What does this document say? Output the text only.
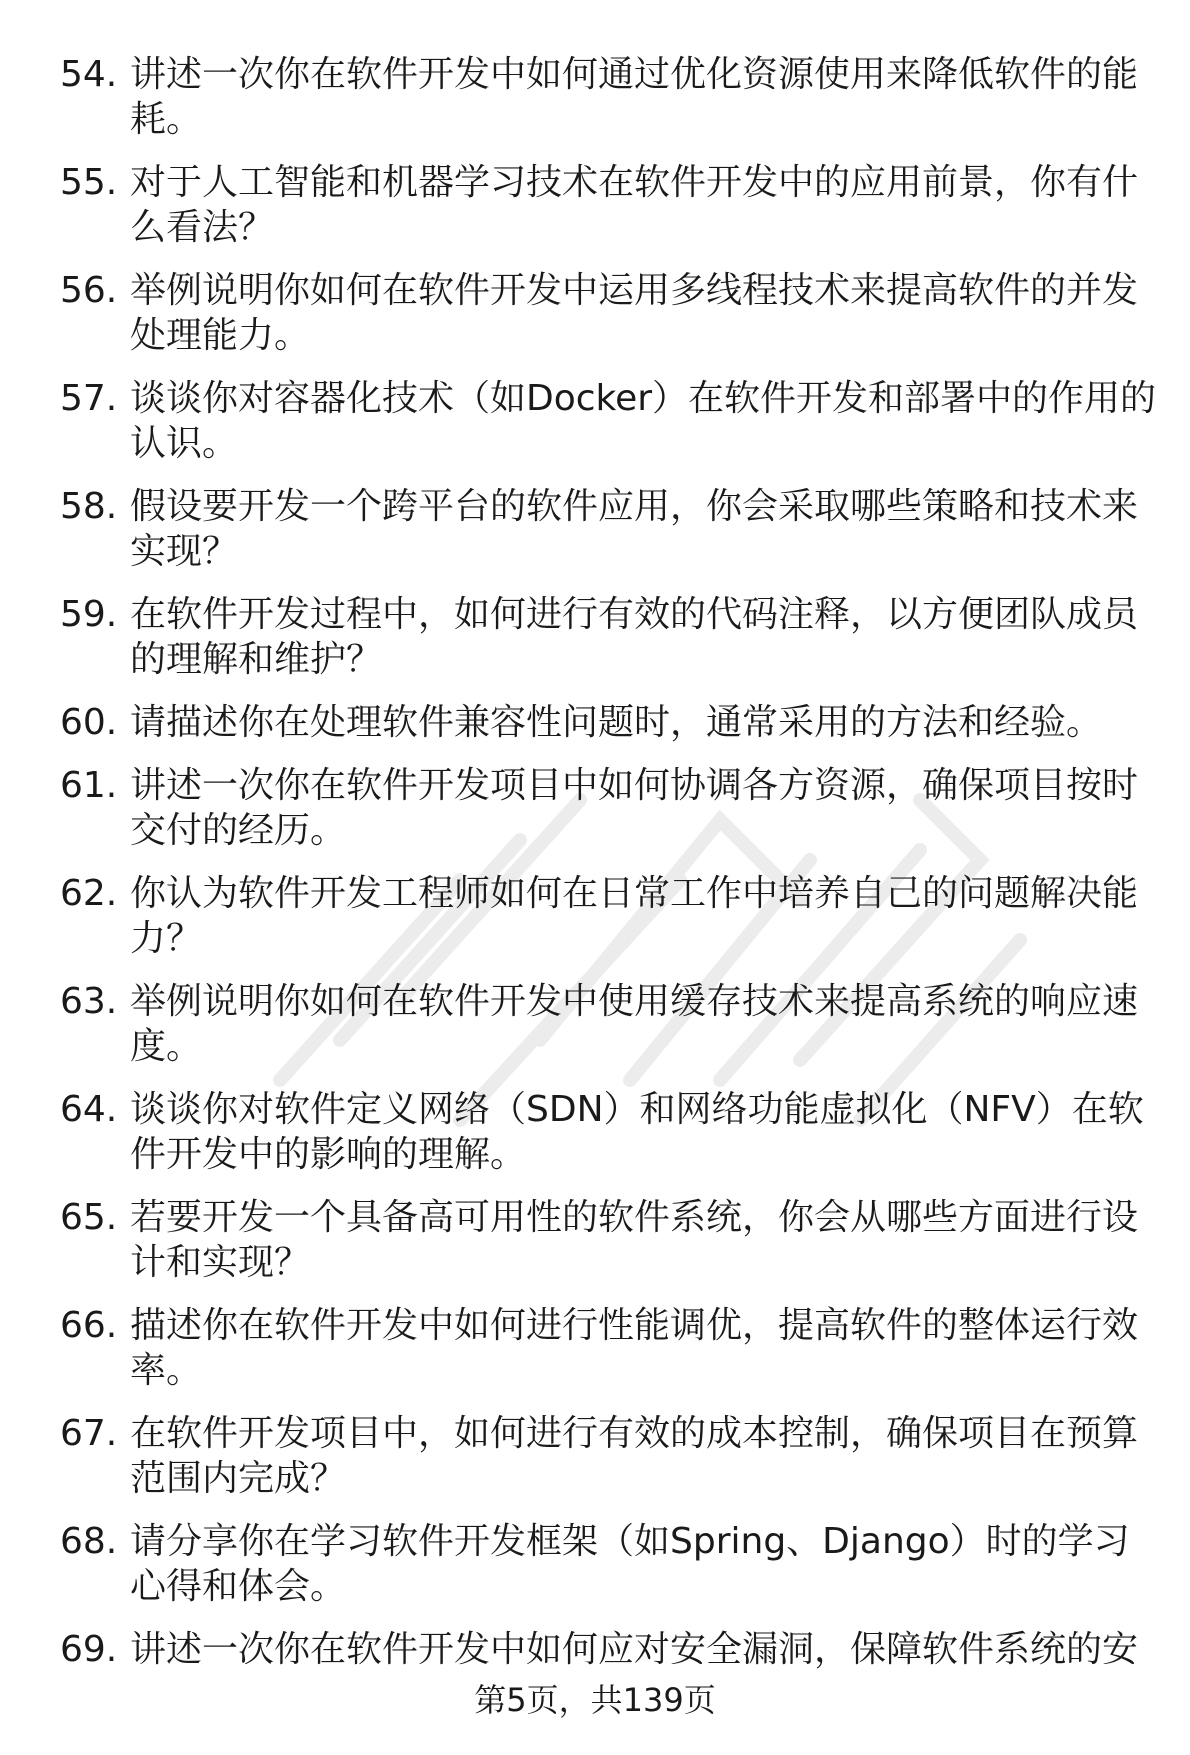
54. 讲述一次你在软件开发中如何通过优化资源使用来降低软件的能耗。
55. 对于人工智能和机器学习技术在软件开发中的应用前景，你有什么看法？
56. 举例说明你如何在软件开发中运用多线程技术来提高软件的并发处理能力。
57. 谈谈你对容器化技术（如Docker）在软件开发和部署中的作用的认识。
58. 假设要开发一个跨平台的软件应用，你会采取哪些策略和技术来实现？
59. 在软件开发过程中，如何进行有效的代码注释，以方便团队成员的理解和维护？
60. 请描述你在处理软件兼容性问题时，通常采用的方法和经验。
61. 讲述一次你在软件开发项目中如何协调各方资源，确保项目按时交付的经历。
62. 你认为软件开发工程师如何在日常工作中培养自己的问题解决能力？
63. 举例说明你如何在软件开发中使用缓存技术来提高系统的响应速度。
64. 谈谈你对软件定义网络（SDN）和网络功能虚拟化（NFV）在软件开发中的影响的理解。
65. 若要开发一个具备高可用性的软件系统，你会从哪些方面进行设计和实现？
66. 描述你在软件开发中如何进行性能调优，提高软件的整体运行效率。
67. 在软件开发项目中，如何进行有效的成本控制，确保项目在预算范围内完成？
68. 请分享你在学习软件开发框架（如Spring、Django）时的学习心得和体会。
69. 讲述一次你在软件开发中如何应对安全漏洞，保障软件系统的安
第5页，共139页
